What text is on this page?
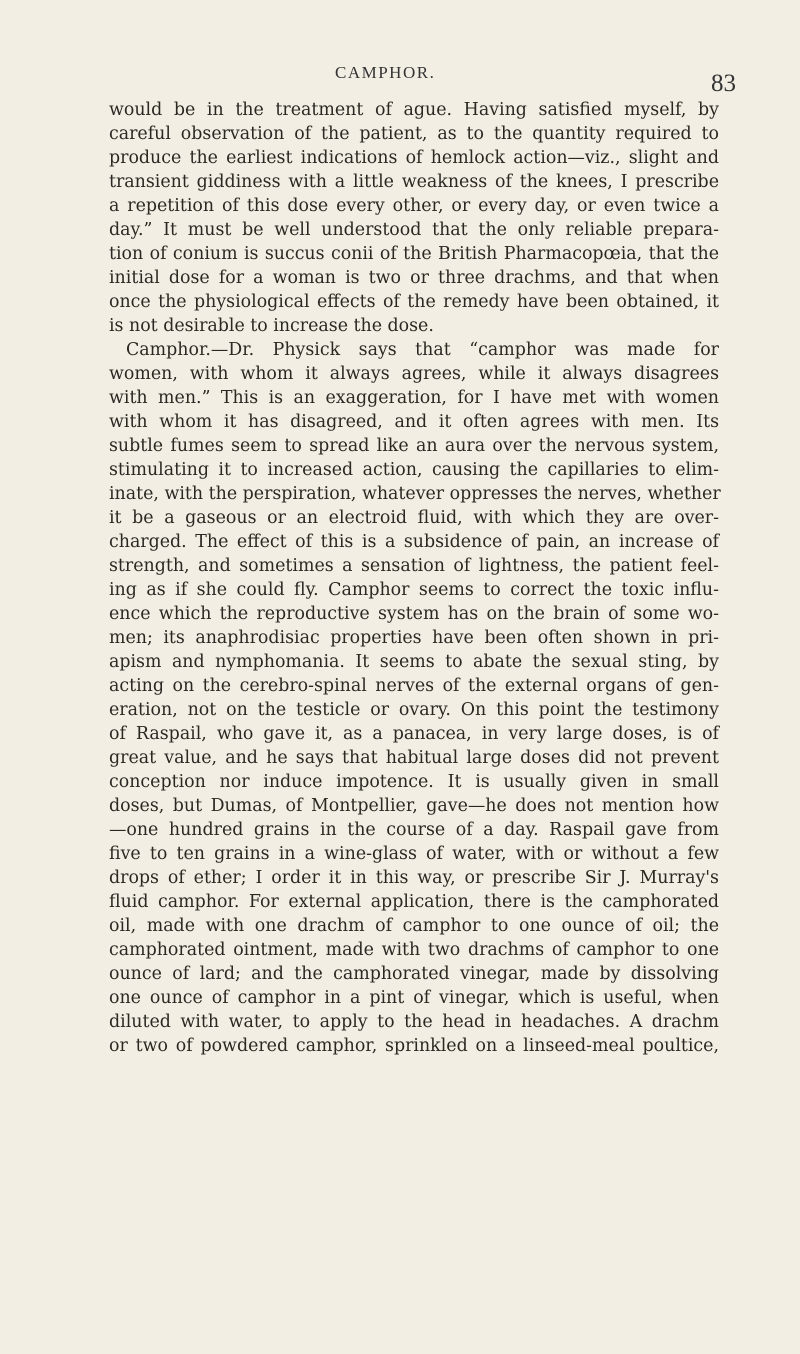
CAMPHOR.	83
would be in the treatment of ague. Having satisfied myself, by
careful observation of the patient, as to the quantity required to
produce the earliest indications of hemlock action—viz., slight and
transient giddiness with a little weakness of the knees, I prescribe
a repetition of this dose every other, or every day, or even twice a
day.” It must be well understood that the only reliable prepara-
tion of conium is succus conii of the British Pharmacopœia, that the
initial dose for a woman is two or three drachms, and that when
once the physiological effects of the remedy have been obtained, it
is not desirable to increase the dose.
Camphor.—Dr. Physick says that “camphor was made for
women, with whom it always agrees, while it always disagrees
with men.” This is an exaggeration, for I have met with women
with whom it has disagreed, and it often agrees with men. Its
subtle fumes seem to spread like an aura over the nervous system,
stimulating it to increased action, causing the capillaries to elim-
inate, with the perspiration, whatever oppresses the nerves, whether
it be a gaseous or an electroid fluid, with which they are over-
charged. The effect of this is a subsidence of pain, an increase of
strength, and sometimes a sensation of lightness, the patient feel-
ing as if she could fly. Camphor seems to correct the toxic influ-
ence which the reproductive system has on the brain of some wo-
men; its anaphrodisiac properties have been often shown in pri-
apism and nymphomania. It seems to abate the sexual sting, by
acting on the cerebro-spinal nerves of the external organs of gen-
eration, not on the testicle or ovary. On this point the testimony
of Raspail, who gave it, as a panacea, in very large doses, is of
great value, and he says that habitual large doses did not prevent
conception nor induce impotence. It is usually given in small
doses, but Dumas, of Montpellier, gave—he does not mention how
—one hundred grains in the course of a day. Raspail gave from
five to ten grains in a wine-glass of water, with or without a few
drops of ether; I order it in this way, or prescribe Sir J. Murray's
fluid camphor. For external application, there is the camphorated
oil, made with one drachm of camphor to one ounce of oil; the
camphorated ointment, made with two drachms of camphor to one
ounce of lard; and the camphorated vinegar, made by dissolving
one ounce of camphor in a pint of vinegar, which is useful, when
diluted with water, to apply to the head in headaches. A drachm
or two of powdered camphor, sprinkled on a linseed-meal poultice,
